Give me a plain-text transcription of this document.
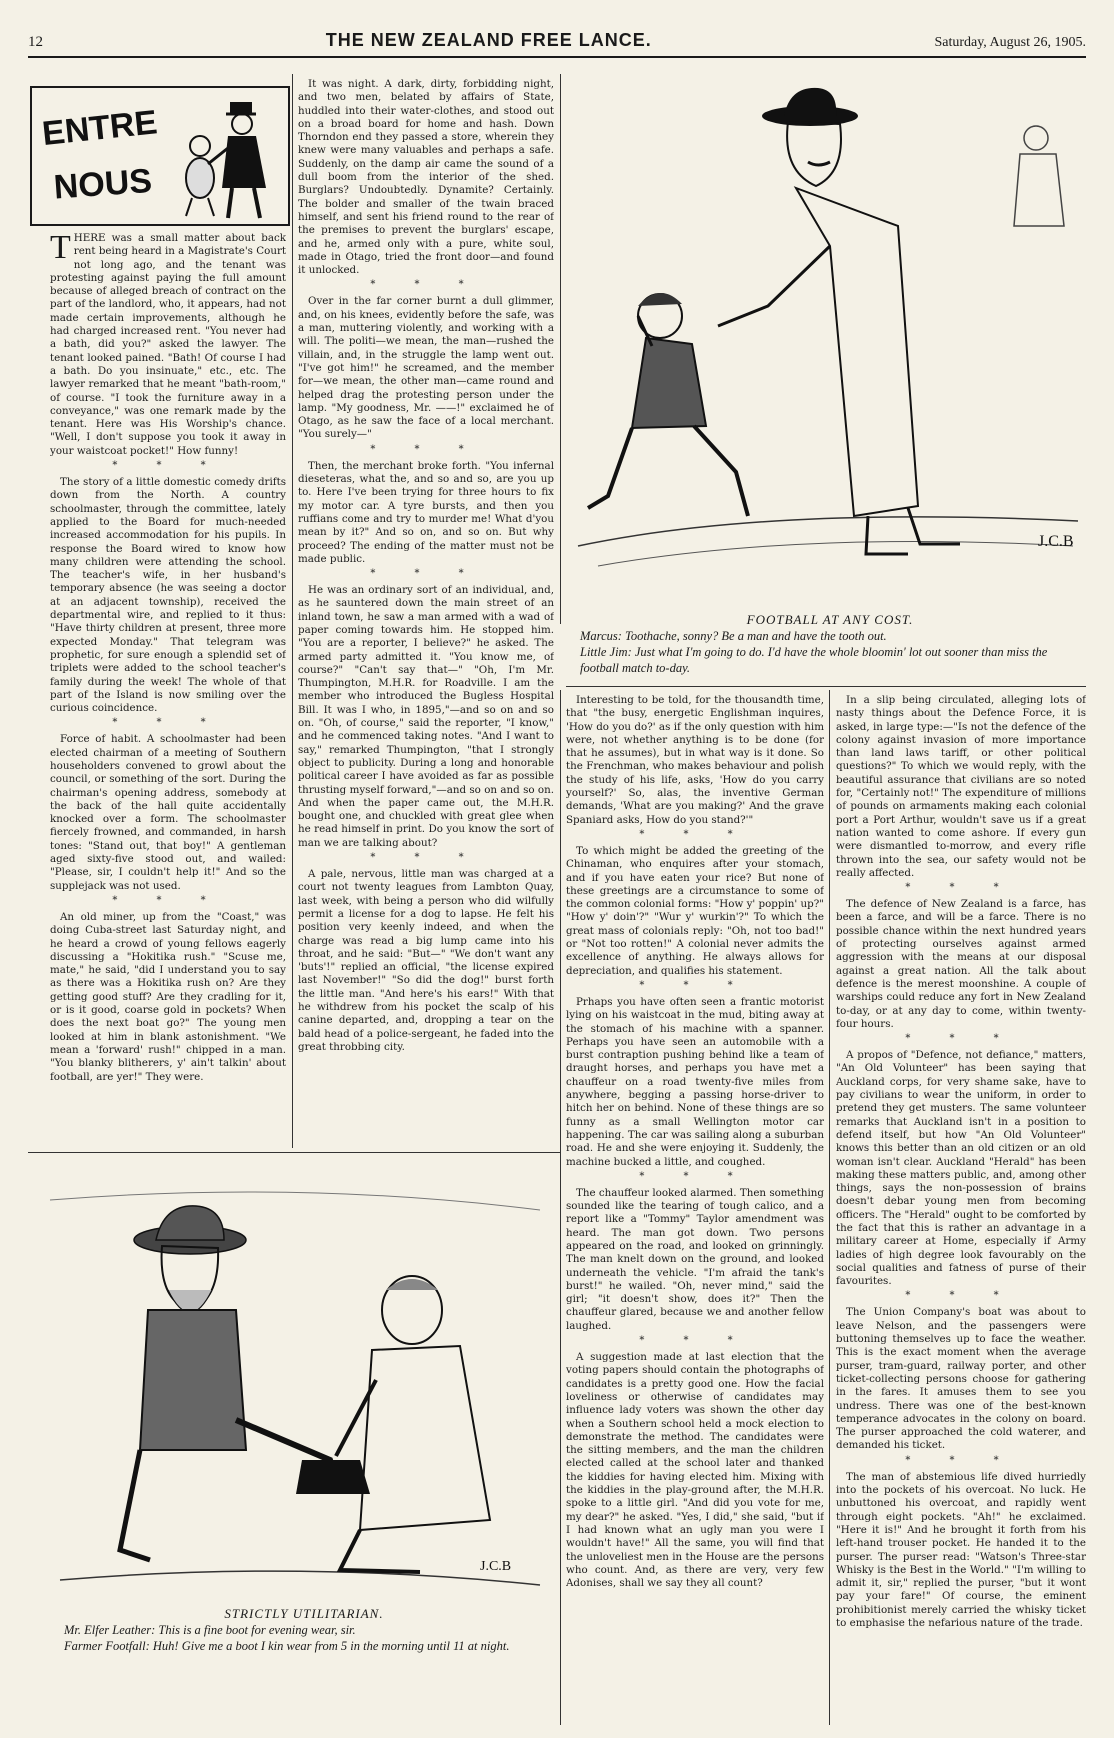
12	THE NEW ZEALAND FREE LANCE.	Saturday, August 26, 1905.
ENTRE
NOUS

THERE was a small matter about back rent being heard in a Magistrate's Court not long ago, and the tenant was protesting against paying the full amount because of alleged breach of contract on the part of the landlord, who, it appears, had not made certain improvements, although he had charged increased rent. "You never had a bath, did you?" asked the lawyer. The tenant looked pained. "Bath! Of course I had a bath. Do you insinuate," etc., etc. The lawyer remarked that he meant "bath-room," of course. "I took the furniture away in a conveyance," was one remark made by the tenant. Here was His Worship's chance. "Well, I don't suppose you took it away in your waistcoat pocket!" How funny!

* * *

The story of a little domestic comedy drifts down from the North. A country schoolmaster, through the committee, lately applied to the Board for much-needed increased accommodation for his pupils. In response the Board wired to know how many children were attending the school. The teacher's wife, in her husband's temporary absence (he was seeing a doctor at an adjacent township), received the departmental wire, and replied to it thus: "Have thirty children at present, three more expected Monday." That telegram was prophetic, for sure enough a splendid set of triplets were added to the school teacher's family during the week! The whole of that part of the Island is now smiling over the curious coincidence.

* * *

Force of habit. A schoolmaster had been elected chairman of a meeting of Southern householders convened to growl about the council, or something of the sort. During the chairman's opening address, somebody at the back of the hall quite accidentally knocked over a form. The schoolmaster fiercely frowned, and commanded, in harsh tones: "Stand out, that boy!" A gentleman aged sixty-five stood out, and wailed: "Please, sir, I couldn't help it!" And so the supplejack was not used.

* * *

An old miner, up from the "Coast," was doing Cuba-street last Saturday night, and he heard a crowd of young fellows eagerly discussing a "Hokitika rush." "Scuse me, mate," he said, "did I understand you to say as there was a Hokitika rush on? Are they getting good stuff? Are they cradling for it, or is it good, coarse gold in pockets? When does the next boat go?" The young men looked at him in blank astonishment. "We mean a 'forward' rush!" chipped in a man. "You blanky blitherers, y' ain't talkin' about football, are yer!" They were.

It was night. A dark, dirty, forbidding night, and two men, belated by affairs of State, huddled into their water-clothes, and stood out on a broad board for home and hash. Down Thorndon end they passed a store, wherein they knew were many valuables and perhaps a safe. Suddenly, on the damp air came the sound of a dull boom from the interior of the shed. Burglars? Undoubtedly. Dynamite? Certainly. The bolder and smaller of the twain braced himself, and sent his friend round to the rear of the premises to prevent the burglars' escape, and he, armed only with a pure, white soul, made in Otago, tried the front door—and found it unlocked.

* * *

Over in the far corner burnt a dull glimmer, and, on his knees, evidently before the safe, was a man, muttering violently, and working with a will. The politi—we mean, the man—rushed the villain, and, in the struggle the lamp went out. "I've got him!" he screamed, and the member for—we mean, the other man—came round and helped drag the protesting person under the lamp. "My goodness, Mr. ——!" exclaimed he of Otago, as he saw the face of a local merchant. "You surely—"

* * *

Then, the merchant broke forth. "You infernal dieseteras, what the, and so and so, are you up to. Here I've been trying for three hours to fix my motor car. A tyre bursts, and then you ruffians come and try to murder me! What d'you mean by it?" And so on, and so on. But why proceed? The ending of the matter must not be made public.

* * *

He was an ordinary sort of an individual, and, as he sauntered down the main street of an inland town, he saw a man armed with a wad of paper coming towards him. He stopped him. "You are a reporter, I believe?" he asked. The armed party admitted it. "You know me, of course?" "Can't say that—" "Oh, I'm Mr. Thumpington, M.H.R. for Roadville. I am the member who introduced the Bugless Hospital Bill. It was I who, in 1895,"—and so on and so on. "Oh, of course," said the reporter, "I know," and he commenced taking notes. "And I want to say," remarked Thumpington, "that I strongly object to publicity. During a long and honorable political career I have avoided as far as possible thrusting myself forward,"—and so on and so on. And when the paper came out, the M.H.R. bought one, and chuckled with great glee when he read himself in print. Do you know the sort of man we are talking about?

* * *

A pale, nervous, little man was charged at a court not twenty leagues from Lambton Quay, last week, with being a person who did wilfully permit a license for a dog to lapse. He felt his position very keenly indeed, and when the charge was read a big lump came into his throat, and he said: "But—" "We don't want any 'buts'!" replied an official, "the license expired last November!" "So did the dog!" burst forth the little man. "And here's his ears!" With that he withdrew from his pocket the scalp of his canine departed, and, dropping a tear on the bald head of a police-sergeant, he faded into the great throbbing city.

J.C.B

FOOTBALL AT ANY COST.

Marcus: Toothache, sonny? Be a man and have the tooth out.

Little Jim: Just what I'm going to do. I'd have the whole bloomin' lot out sooner than miss the football match to-day.

Interesting to be told, for the thousandth time, that "the busy, energetic Englishman inquires, 'How do you do?' as if the only question with him were, not whether anything is to be done (for that he assumes), but in what way is it done. So the Frenchman, who makes behaviour and polish the study of his life, asks, 'How do you carry yourself?' So, alas, the inventive German demands, 'What are you making?' And the grave Spaniard asks, How do you stand?'"

* * *

To which might be added the greeting of the Chinaman, who enquires after your stomach, and if you have eaten your rice? But none of these greetings are a circumstance to some of the common colonial forms: "How y' poppin' up?" "How y' doin'?" "Wur y' wurkin'?" To which the great mass of colonials reply: "Oh, not too bad!" or "Not too rotten!" A colonial never admits the excellence of anything. He always allows for depreciation, and qualifies his statement.

* * *

Prhaps you have often seen a frantic motorist lying on his waistcoat in the mud, biting away at the stomach of his machine with a spanner. Perhaps you have seen an automobile with a burst contraption pushing behind like a team of draught horses, and perhaps you have met a chauffeur on a road twenty-five miles from anywhere, begging a passing horse-driver to hitch her on behind. None of these things are so funny as a small Wellington motor car happening. The car was sailing along a suburban road. He and she were enjoying it. Suddenly, the machine bucked a little, and coughed.

* * *

The chauffeur looked alarmed. Then something sounded like the tearing of tough calico, and a report like a "Tommy" Taylor amendment was heard. The man got down. Two persons appeared on the road, and looked on grinningly. The man knelt down on the ground, and looked underneath the vehicle. "I'm afraid the tank's burst!" he wailed. "Oh, never mind," said the girl; "it doesn't show, does it?" Then the chauffeur glared, because we and another fellow laughed.

* * *

A suggestion made at last election that the voting papers should contain the photographs of candidates is a pretty good one. How the facial loveliness or otherwise of candidates may influence lady voters was shown the other day when a Southern school held a mock election to demonstrate the method. The candidates were the sitting members, and the man the children elected called at the school later and thanked the kiddies for having elected him. Mixing with the kiddies in the play-ground after, the M.H.R. spoke to a little girl. "And did you vote for me, my dear?" he asked. "Yes, I did," she said, "but if I had known what an ugly man you were I wouldn't have!" All the same, you will find that the unloveliest men in the House are the persons who count. And, as there are very, very few Adonises, shall we say they all count?

In a slip being circulated, alleging lots of nasty things about the Defence Force, it is asked, in large type:—"Is not the defence of the colony against invasion of more importance than land laws tariff, or other political questions?" To which we would reply, with the beautiful assurance that civilians are so noted for, "Certainly not!" The expenditure of millions of pounds on armaments making each colonial port a Port Arthur, wouldn't save us if a great nation wanted to come ashore. If every gun were dismantled to-morrow, and every rifle thrown into the sea, our safety would not be really affected.

* * *

The defence of New Zealand is a farce, has been a farce, and will be a farce. There is no possible chance within the next hundred years of protecting ourselves against armed aggression with the means at our disposal against a great nation. All the talk about defence is the merest moonshine. A couple of warships could reduce any fort in New Zealand to-day, or at any day to come, within twenty-four hours.

* * *

A propos of "Defence, not defiance," matters, "An Old Volunteer" has been saying that Auckland corps, for very shame sake, have to pay civilians to wear the uniform, in order to pretend they get musters. The same volunteer remarks that Auckland isn't in a position to defend itself, but how "An Old Volunteer" knows this better than an old citizen or an old woman isn't clear. Auckland "Herald" has been making these matters public, and, among other things, says the non-possession of brains doesn't debar young men from becoming officers. The "Herald" ought to be comforted by the fact that this is rather an advantage in a military career at Home, especially if Army ladies of high degree look favourably on the social qualities and fatness of purse of their favourites.

* * *

The Union Company's boat was about to leave Nelson, and the passengers were buttoning themselves up to face the weather. This is the exact moment when the average purser, tram-guard, railway porter, and other ticket-collecting persons choose for gathering in the fares. It amuses them to see you undress. There was one of the best-known temperance advocates in the colony on board. The purser approached the cold waterer, and demanded his ticket.

* * *

The man of abstemious life dived hurriedly into the pockets of his overcoat. No luck. He unbuttoned his overcoat, and rapidly went through eight pockets. "Ah!" he exclaimed. "Here it is!" And he brought it forth from his left-hand trouser pocket. He handed it to the purser. The purser read: "Watson's Three-star Whisky is the Best in the World." "I'm willing to admit it, sir," replied the purser, "but it wont pay your fare!" Of course, the eminent prohibitionist merely carried the whisky ticket to emphasise the nefarious nature of the trade.

J.C.B

STRICTLY UTILITARIAN.

Mr. Elfer Leather: This is a fine boot for evening wear, sir.

Farmer Footfall: Huh! Give me a boot I kin wear from 5 in the morning until 11 at night.
